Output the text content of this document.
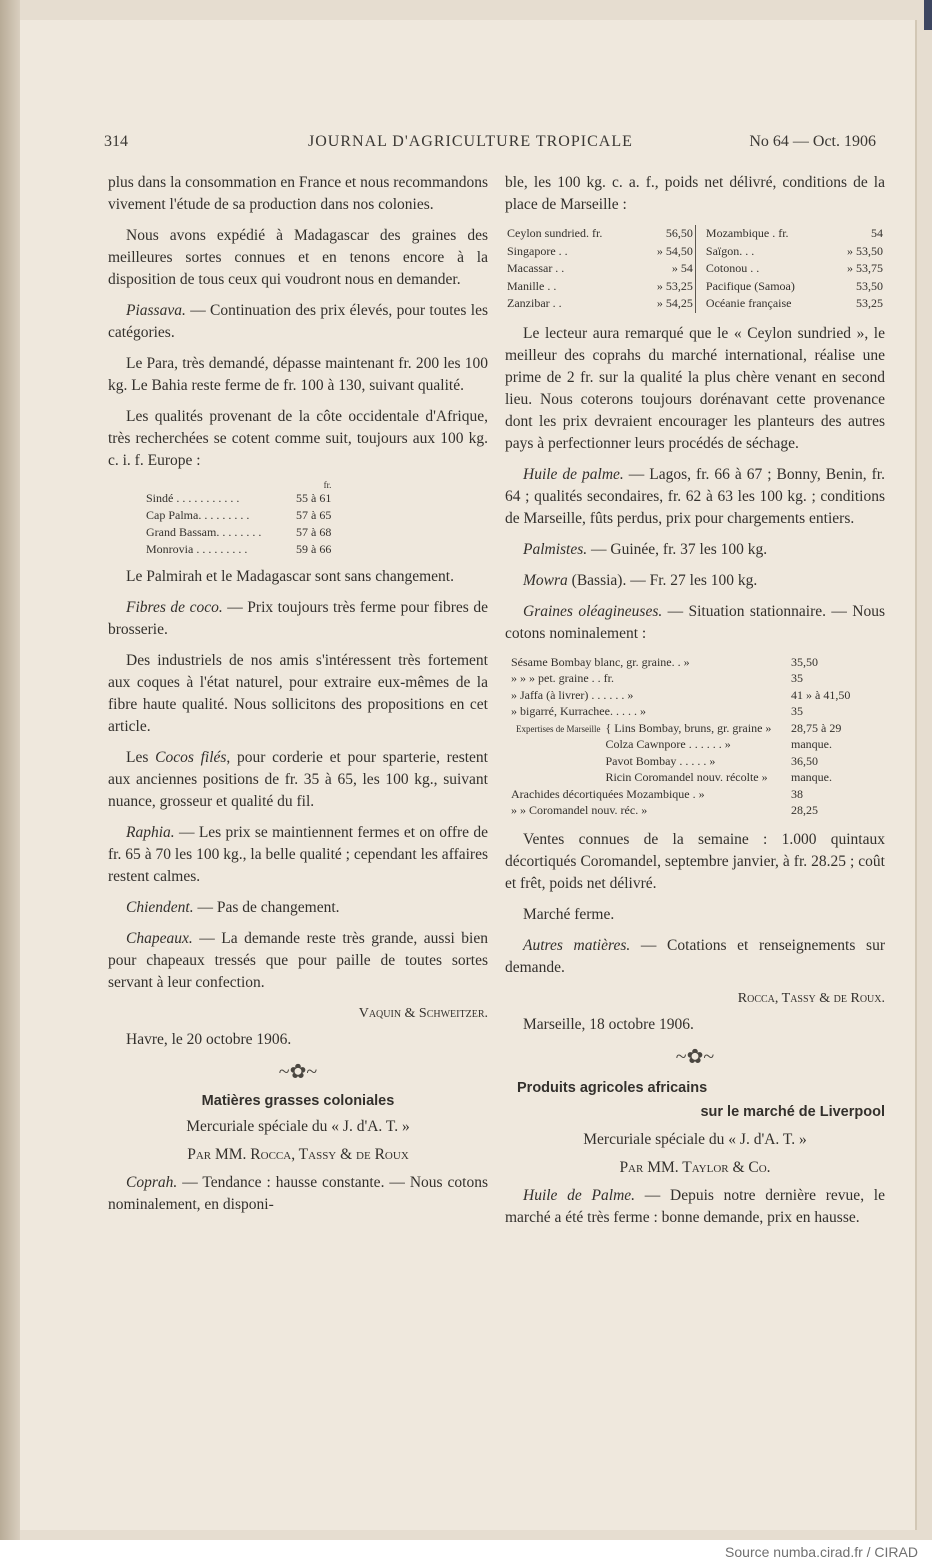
314	JOURNAL D'AGRICULTURE TROPICALE	No 64 — Oct. 1906

plus dans la consommation en France et nous recommandons vivement l'étude de sa production dans nos colonies.

Nous avons expédié à Madagascar des graines des meilleures sortes connues et en tenons encore à la disposition de tous ceux qui voudront nous en demander.

Piassava. — Continuation des prix élevés, pour toutes les catégories.

Le Para, très demandé, dépasse maintenant fr. 200 les 100 kg. Le Bahia reste ferme de fr. 100 à 130, suivant qualité.

Les qualités provenant de la côte occidentale d'Afrique, très recherchées se cotent comme suit, toujours aux 100 kg. c. i. f. Europe :

	fr.
Sindé . . . . . . . . . . .	55 à 61
Cap Palma. . . . . . . . .	57 à 65
Grand Bassam. . . . . . . .	57 à 68
Monrovia . . . . . . . . .	59 à 66

Le Palmirah et le Madagascar sont sans changement.

Fibres de coco. — Prix toujours très ferme pour fibres de brosserie.

Des industriels de nos amis s'intéressent très fortement aux coques à l'état naturel, pour extraire eux-mêmes de la fibre haute qualité. Nous sollicitons des propositions en cet article.

Les Cocos filés, pour corderie et pour sparterie, restent aux anciennes positions de fr. 35 à 65, les 100 kg., suivant nuance, grosseur et qualité du fil.

Raphia. — Les prix se maintiennent fermes et on offre de fr. 65 à 70 les 100 kg., la belle qualité ; cependant les affaires restent calmes.

Chiendent. — Pas de changement.

Chapeaux. — La demande reste très grande, aussi bien pour chapeaux tressés que pour paille de toutes sortes servant à leur confection.

Vaquin & Schweitzer.

Havre, le 20 octobre 1906.

~✿~
Matières grasses coloniales
Mercuriale spéciale du « J. d'A. T. »
Par MM. Rocca, Tassy & de Roux

Coprah. — Tendance : hausse constante. — Nous cotons nominalement, en disponi-

ble, les 100 kg. c. a. f., poids net délivré, conditions de la place de Marseille :

Ceylon sundried. fr.	56,50		Mozambique . fr.	54
Singapore . .	» 54,50		Saïgon. . .	» 53,50
Macassar . .	» 54		Cotonou . .	» 53,75
Manille . .	» 53,25		Pacifique (Samoa)	53,50
Zanzibar . .	» 54,25		Océanie française	53,25

Le lecteur aura remarqué que le « Ceylon sundried », le meilleur des coprahs du marché international, réalise une prime de 2 fr. sur la qualité la plus chère venant en second lieu. Nous coterons toujours dorénavant cette provenance dont les prix devraient encourager les planteurs des autres pays à perfectionner leurs procédés de séchage.

Huile de palme. — Lagos, fr. 66 à 67 ; Bonny, Benin, fr. 64 ; qualités secondaires, fr. 62 à 63 les 100 kg. ; conditions de Marseille, fûts perdus, prix pour chargements entiers.

Palmistes. — Guinée, fr. 37 les 100 kg.

Mowra (Bassia). — Fr. 27 les 100 kg.

Graines oléagineuses. — Situation stationnaire. — Nous cotons nominalement :

Sésame Bombay blanc, gr. graine. . »		35,50
» » » pet. graine . . fr.		35
» Jaffa (à livrer) . . . . . . »		41 » à 41,50
» bigarré, Kurrachee. . . . . »		35
Expertises de Marseille	{ Lins Bombay, bruns, gr. graine »	28,75 à 29
	Colza Cawnpore . . . . . . »	manque.
	Pavot Bombay . . . . . »	36,50
	Ricin Coromandel nouv. récolte »	manque.
Arachides décortiquées Mozambique . »		38
» » Coromandel nouv. réc. »		28,25

Ventes connues de la semaine : 1.000 quintaux décortiqués Coromandel, septembre janvier, à fr. 28.25 ; coût et frêt, poids net délivré.

Marché ferme.

Autres matières. — Cotations et renseignements sur demande.

Rocca, Tassy & de Roux.

Marseille, 18 octobre 1906.

~✿~
Produits agricoles africains
sur le marché de Liverpool
Mercuriale spéciale du « J. d'A. T. »
Par MM. Taylor & Co.

Huile de Palme. — Depuis notre dernière revue, le marché a été très ferme : bonne demande, prix en hausse.

Source numba.cirad.fr / CIRAD
